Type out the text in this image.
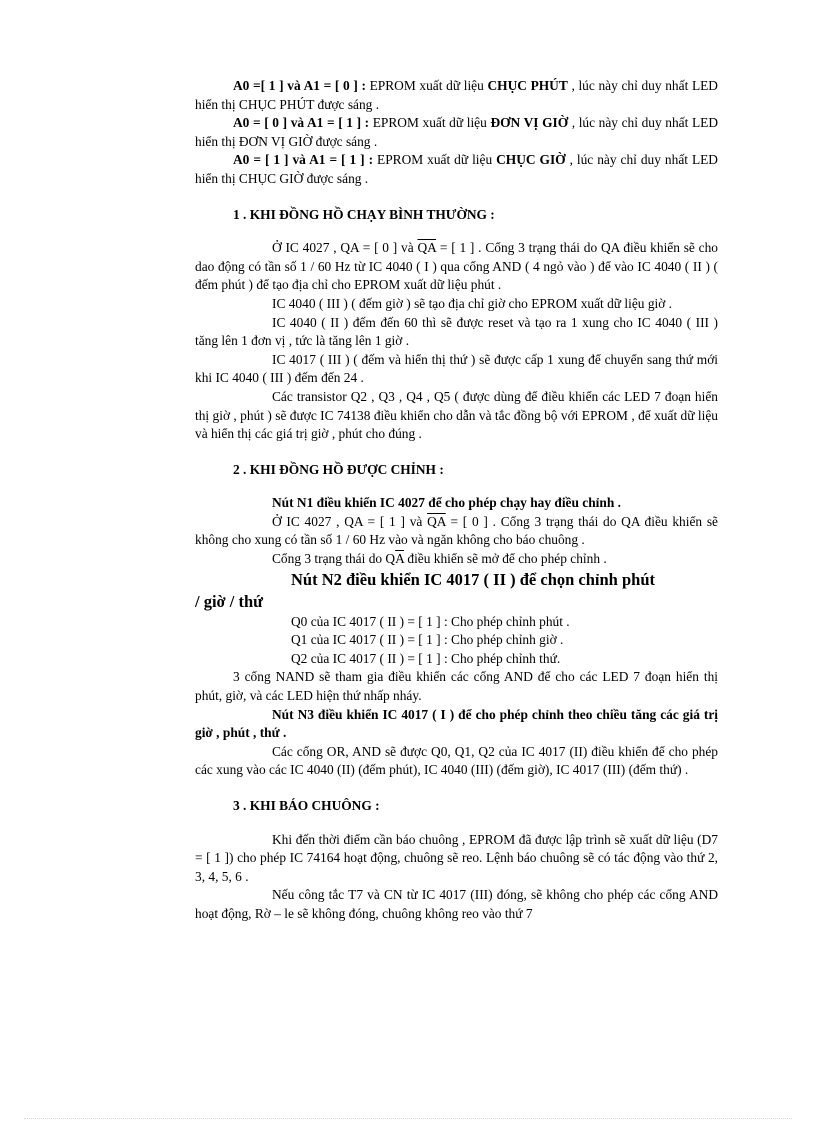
A0 =[ 1 ] và A1 = [ 0 ] : EPROM xuất dữ liệu CHỤC PHÚT , lúc này chỉ duy nhất LED hiển thị CHỤC PHÚT được sáng .

A0 = [ 0 ] và A1 = [ 1 ] : EPROM xuất dữ liệu ĐƠN VỊ GIỜ , lúc này chỉ duy nhất LED hiển thị ĐƠN VỊ GIỜ được sáng .

A0 = [ 1 ] và A1 = [ 1 ] : EPROM xuất dữ liệu CHỤC GIỜ , lúc này chỉ duy nhất LED hiển thị CHỤC GIỜ được sáng .

1 . KHI ĐỒNG HỒ CHẠY BÌNH THƯỜNG :

Ở IC 4027 , QA = [ 0 ] và $\overline{QA}$ = [ 1 ] . Cổng 3 trạng thái do QA điều khiển sẽ cho dao động có tần số 1 / 60 Hz từ IC 4040 ( I ) qua cổng AND ( 4 ngỏ vào ) để vào IC 4040 ( II ) ( đếm phút ) để tạo địa chỉ cho EPROM xuất dữ liệu phút .

IC 4040 ( III ) ( đếm giờ ) sẽ tạo địa chỉ giờ cho EPROM xuất dữ liệu giờ .

IC 4040 ( II ) đếm đến 60 thì sẽ được reset và tạo ra 1 xung cho IC 4040 ( III ) tăng lên 1 đơn vị , tức là tăng lên 1 giờ .

IC 4017 ( III ) ( đếm và hiển thị thứ ) sẽ được cấp 1 xung để chuyển sang thứ mới khi IC 4040 ( III ) đếm đến 24 .

Các transistor Q2 , Q3 , Q4 , Q5 ( được dùng để điều khiển các LED 7 đoạn hiển thị giờ , phút ) sẽ được IC 74138 điều khiển cho dẫn và tắc đồng bộ với EPROM , để xuất dữ liệu và hiển thị các giá trị giờ , phút cho đúng .

2 . KHI ĐỒNG HỒ ĐƯỢC CHỈNH :

Nút N1 điều khiển IC 4027 để cho phép chạy hay điều chỉnh .

Ở IC 4027 , QA = [ 1 ] và $\overline{QA}$ = [ 0 ] . Cổng 3 trạng thái do QA điều khiển sẽ không cho xung có tần số 1 / 60 Hz vào và ngăn không cho báo chuông .

Cổng 3 trạng thái do $Q\overline{A}$ điều khiển sẽ mở để cho phép chỉnh .

Nút N2 điều khiển IC 4017 ( II ) để chọn chỉnh phút
/ giờ / thứ

Q0 của IC 4017 ( II ) = [ 1 ] : Cho phép chỉnh phút .

Q1 của IC 4017 ( II ) = [ 1 ] : Cho phép chỉnh giờ .

Q2 của IC 4017 ( II ) = [ 1 ] : Cho phép chỉnh thứ.

3 cổng NAND sẽ tham gia điều khiển các cổng AND để cho các LED 7 đoạn hiển thị phút, giờ, và các LED hiện thứ nhấp nháy.

Nút N3 điều khiển IC 4017 ( I ) để cho phép chỉnh theo chiều tăng các giá trị giờ , phút , thứ .

Các cổng OR, AND sẽ được Q0, Q1, Q2 của IC 4017 (II) điều khiển để cho phép các xung vào các IC 4040 (II) (đếm phút), IC 4040 (III) (đếm giờ), IC 4017 (III) (đếm thứ) .

3 . KHI BÁO CHUÔNG :

Khi đến thời điểm cần báo chuông , EPROM đã được lập trình sẽ xuất dữ liệu (D7 = [ 1 ]) cho phép IC 74164 hoạt động, chuông sẽ reo. Lệnh báo chuông sẽ có tác động vào thứ 2, 3, 4, 5, 6 .

Nếu công tắc T7 và CN từ IC 4017 (III) đóng, sẽ không cho phép các cổng AND hoạt động, Rờ – le sẽ không đóng, chuông không reo vào thứ 7
